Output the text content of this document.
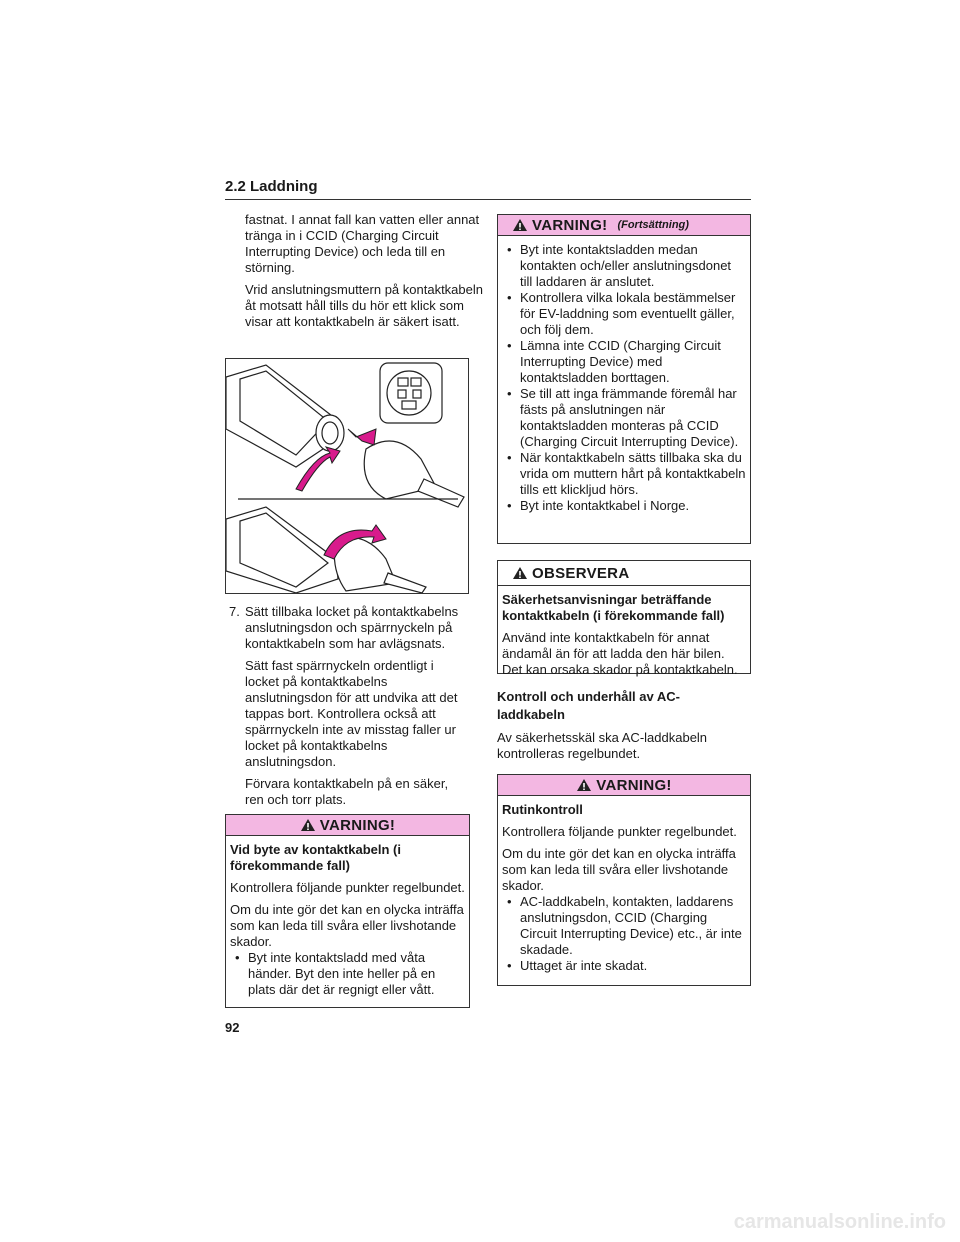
2.2 Laddning

fastnat. I annat fall kan vatten eller annat tränga in i CCID (Charging Circuit Interrupting Device) och leda till en störning.

Vrid anslutningsmuttern på kontaktkabeln åt motsatt håll tills du hör ett klick som visar att kontaktkabeln är säkert isatt.

7. Sätt tillbaka locket på kontaktkabelns anslutningsdon och spärrnyckeln på kontaktkabeln som har avlägsnats.

Sätt fast spärrnyckeln ordentligt i locket på kontaktkabelns anslutningsdon för att undvika att det tappas bort. Kontrollera också att spärrnyckeln inte av misstag faller ur locket på kontaktkabelns anslutningsdon.

Förvara kontaktkabeln på en säker, ren och torr plats.

VARNING!

Vid byte av kontaktkabeln (i förekommande fall)

Kontrollera följande punkter regelbundet.

Om du inte gör det kan en olycka inträffa som kan leda till svåra eller livshotande skador.

• Byt inte kontaktsladd med våta händer. Byt den inte heller på en plats där det är regnigt eller vått.
VARNING! (Fortsättning)
• Byt inte kontaktsladden medan kontakten och/eller anslutningsdonet till laddaren är anslutet.
• Kontrollera vilka lokala bestämmelser för EV-laddning som eventuellt gäller, och följ dem.
• Lämna inte CCID (Charging Circuit Interrupting Device) med kontaktsladden borttagen.
• Se till att inga främmande föremål har fästs på anslutningen när kontaktsladden monteras på CCID (Charging Circuit Interrupting Device).
• När kontaktkabeln sätts tillbaka ska du vrida om muttern hårt på kontaktkabeln tills ett klickljud hörs.
• Byt inte kontaktkabel i Norge.
OBSERVERA

Säkerhetsanvisningar beträffande kontaktkabeln (i förekommande fall)

Använd inte kontaktkabeln för annat ändamål än för att ladda den här bilen. Det kan orsaka skador på kontaktkabeln.

Kontroll och underhåll av AC-laddkabeln

Av säkerhetsskäl ska AC-laddkabeln kontrolleras regelbundet.

VARNING!

Rutinkontroll

Kontrollera följande punkter regelbundet.

Om du inte gör det kan en olycka inträffa som kan leda till svåra eller livshotande skador.

• AC-laddkabeln, kontakten, laddarens anslutningsdon, CCID (Charging Circuit Interrupting Device) etc., är inte skadade.
• Uttaget är inte skadat.
92
carmanualsonline.info
